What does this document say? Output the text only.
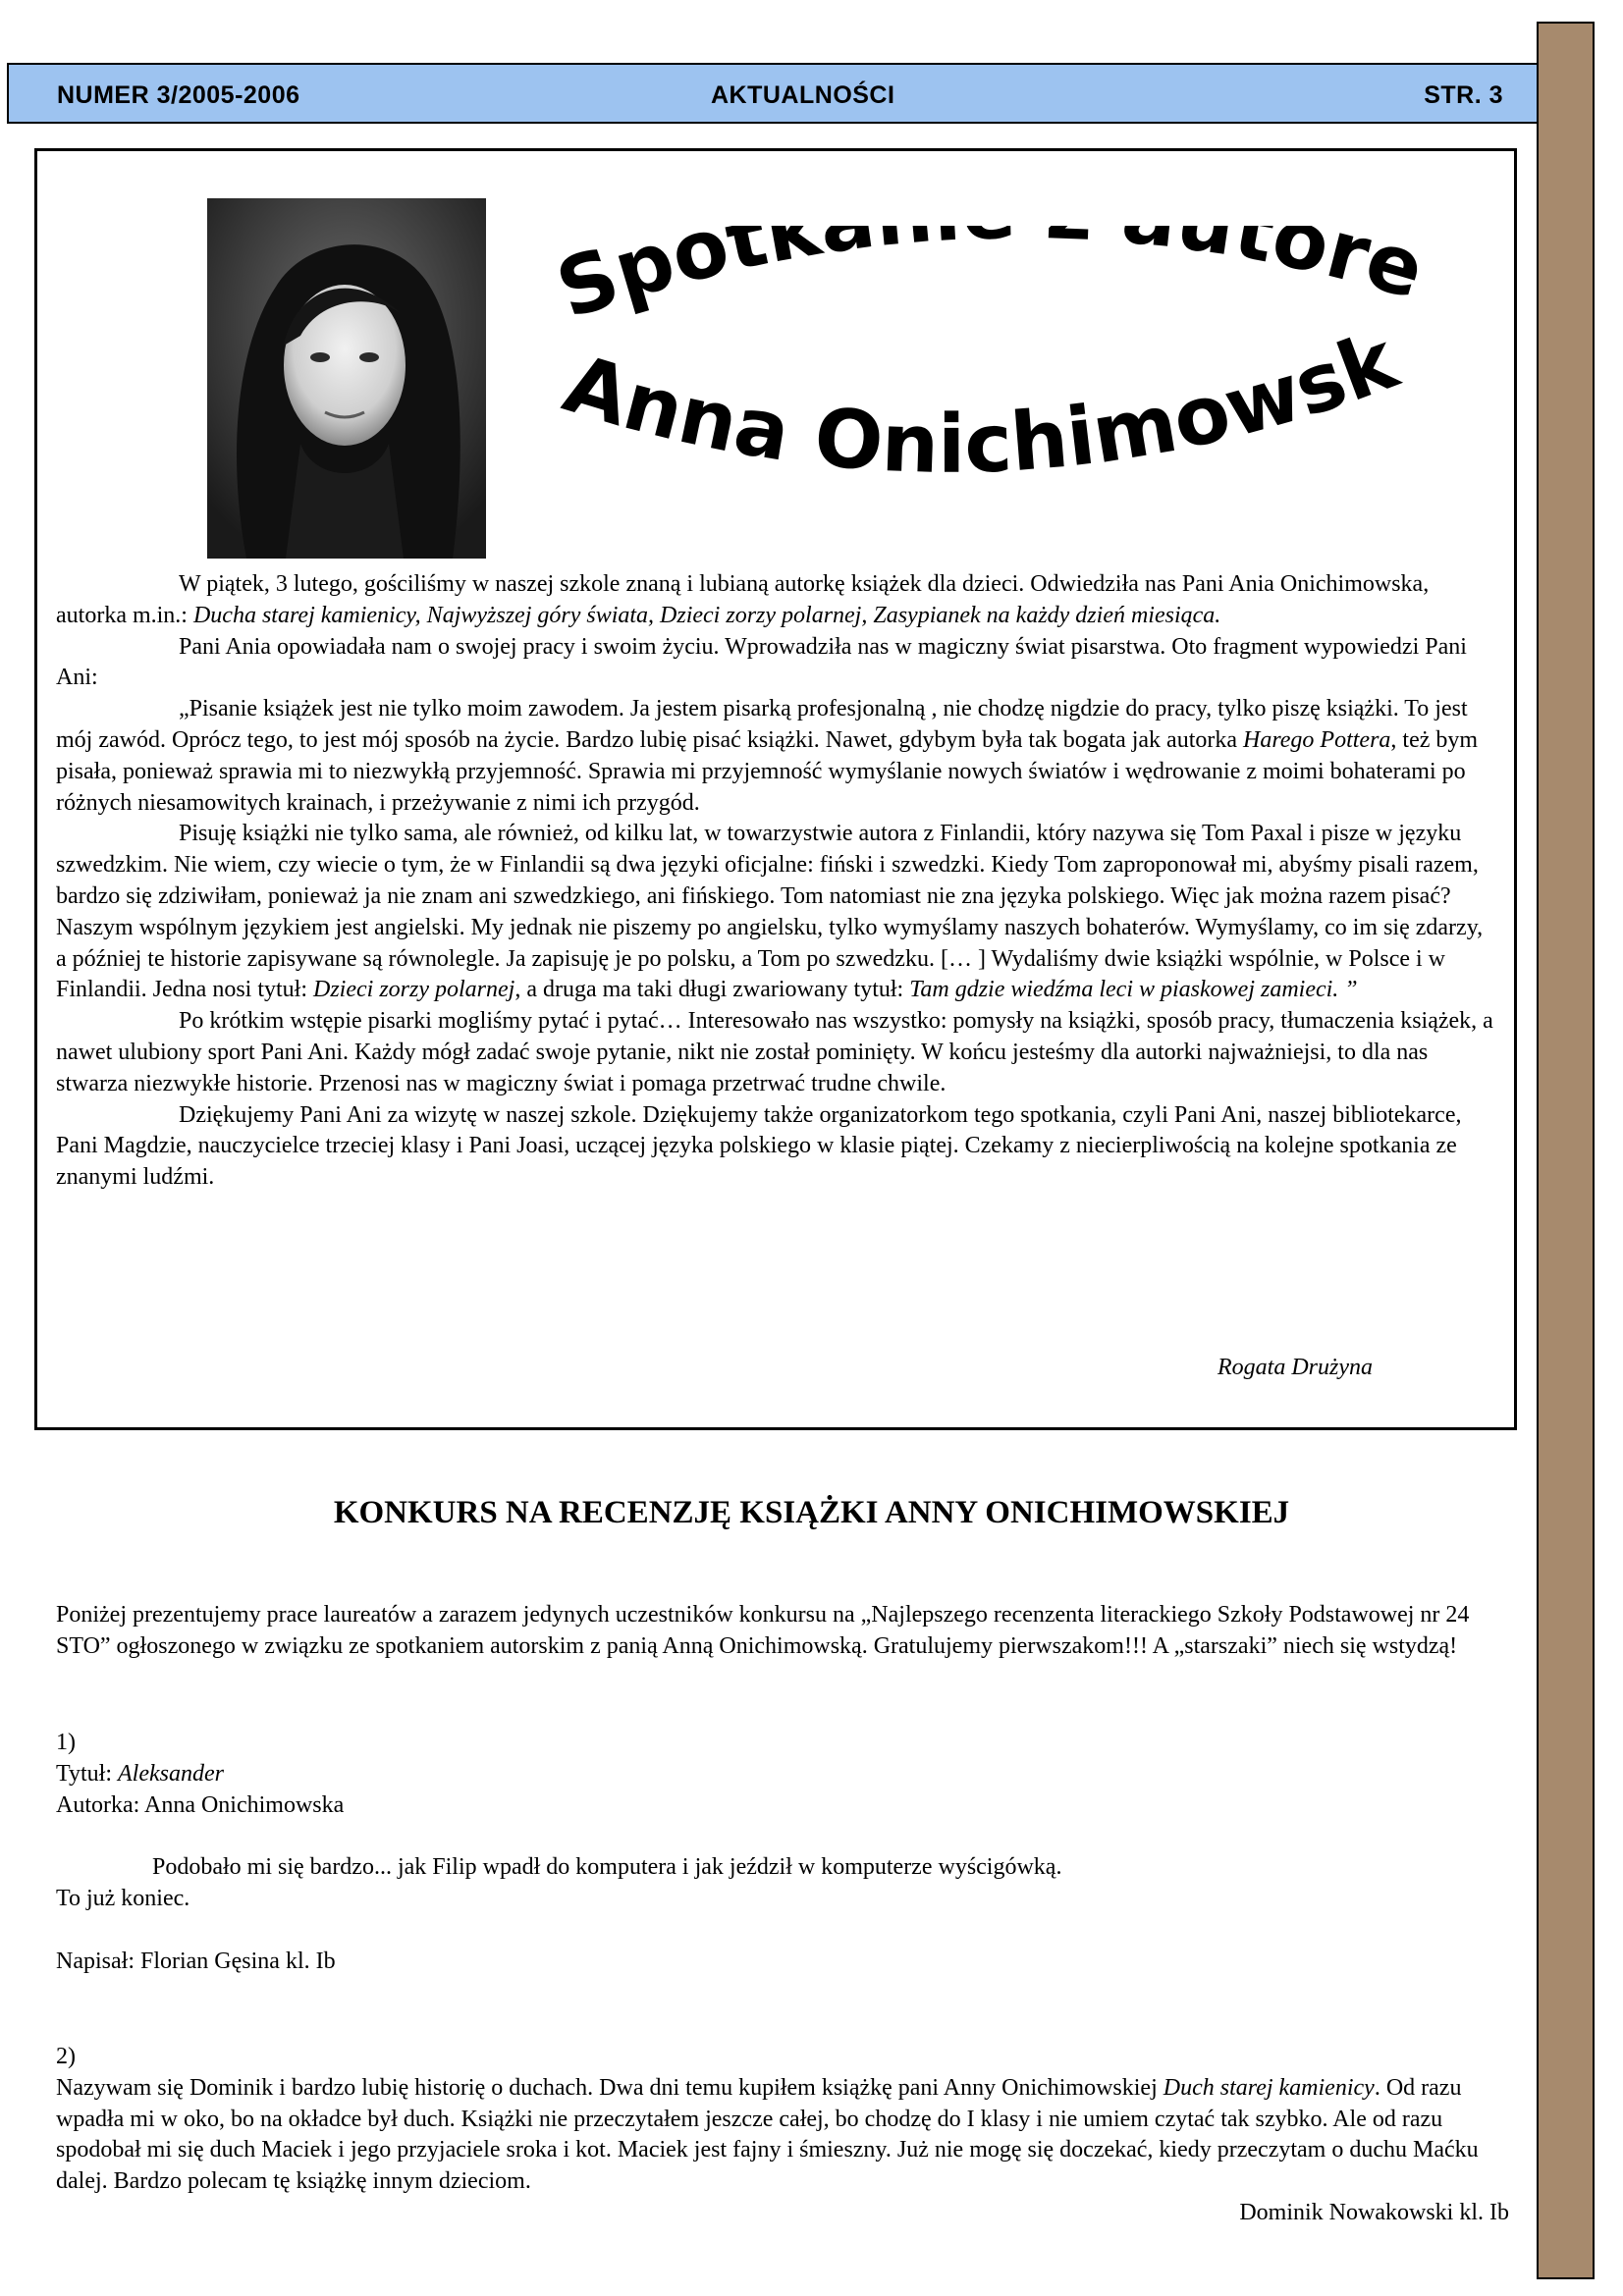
NUMER 3/2005-2006	AKTUALNOŚCI	STR. 3
Spotk tore
Anna Onichimowsk

W piątek, 3 lutego, gościliśmy w naszej szkole znaną i lubianą autorkę książek dla dzieci. Odwiedziła nas Pani Ania Onichimowska, autorka m.in.: Ducha starej kamienicy, Najwyższej góry świata, Dzieci zorzy polarnej, Zasypianek na każdy dzień miesiąca.

Pani Ania opowiadała nam o swojej pracy i swoim życiu. Wprowadziła nas w magiczny świat pisarstwa. Oto fragment wypowiedzi Pani Ani:

„Pisanie książek jest nie tylko moim zawodem. Ja jestem pisarką profesjonalną , nie chodzę nigdzie do pracy, tylko piszę książki. To jest mój zawód. Oprócz tego, to jest mój sposób na życie. Bardzo lubię pisać książki. Nawet, gdybym była tak bogata jak autorka Harego Pottera, też bym pisała, ponieważ sprawia mi to niezwykłą przyjemność. Sprawia mi przyjemność wymyślanie nowych światów i wędrowanie z moimi bohaterami po różnych niesamowitych krainach, i przeżywanie z nimi ich przygód.

Pisuję książki nie tylko sama, ale również, od kilku lat, w towarzystwie autora z Finlandii, który nazywa się Tom Paxal i pisze w języku szwedzkim. Nie wiem, czy wiecie o tym, że w Finlandii są dwa języki oficjalne: fiński i szwedzki. Kiedy Tom zaproponował mi, abyśmy pisali razem, bardzo się zdziwiłam, ponieważ ja nie znam ani szwedzkiego, ani fińskiego. Tom natomiast nie zna języka polskiego. Więc jak można razem pisać? Naszym wspólnym językiem jest angielski. My jednak nie piszemy po angielsku, tylko wymyślamy naszych bohaterów. Wymyślamy, co im się zdarzy, a później te historie zapisywane są równolegle. Ja zapisuję je po polsku, a Tom po szwedzku. [… ] Wydaliśmy dwie książki wspólnie, w Polsce i w Finlandii. Jedna nosi tytuł: Dzieci zorzy polarnej, a druga ma taki długi zwariowany tytuł: Tam gdzie wiedźma leci w piaskowej zamieci. ”

Po krótkim wstępie pisarki mogliśmy pytać i pytać… Interesowało nas wszystko: pomysły na książki, sposób pracy, tłumaczenia książek, a nawet ulubiony sport Pani Ani. Każdy mógł zadać swoje pytanie, nikt nie został pominięty. W końcu jesteśmy dla autorki najważniejsi, to dla nas stwarza niezwykłe historie. Przenosi nas w magiczny świat i pomaga przetrwać trudne chwile.

Dziękujemy Pani Ani za wizytę w naszej szkole. Dziękujemy także organizatorkom tego spotkania, czyli Pani Ani, naszej bibliotekarce, Pani Magdzie, nauczycielce trzeciej klasy i Pani Joasi, uczącej języka polskiego w klasie piątej. Czekamy z niecierpliwością na kolejne spotkania ze znanymi ludźmi.

Rogata Drużyna
KONKURS NA RECENZJĘ KSIĄŻKI ANNY ONICHIMOWSKIEJ
Poniżej prezentujemy prace laureatów a zarazem jedynych uczestników konkursu na „Najlepszego recenzenta literackiego Szkoły Podstawowej nr 24 STO” ogłoszonego w związku ze spotkaniem autorskim z panią Anną Onichimowską. Gratulujemy pierwszakom!!! A „starszaki” niech się wstydzą!

1)

Tytuł: Aleksander

Autorka: Anna Onichimowska

Podobało mi się bardzo... jak Filip wpadł do komputera i jak jeździł w komputerze wyścigówką.

To już koniec.

Napisał: Florian Gęsina kl. Ib

2)

Nazywam się Dominik i bardzo lubię historię o duchach. Dwa dni temu kupiłem książkę pani Anny Onichimowskiej Duch starej kamienicy. Od razu wpadła mi w oko, bo na okładce był duch. Książki nie przeczytałem jeszcze całej, bo chodzę do I klasy i nie umiem czytać tak szybko. Ale od razu spodobał mi się duch Maciek i jego przyjaciele sroka i kot. Maciek jest fajny i śmieszny. Już nie mogę się doczekać, kiedy przeczytam o duchu Maćku dalej. Bardzo polecam tę książkę innym dzieciom.

Dominik Nowakowski kl. Ib
